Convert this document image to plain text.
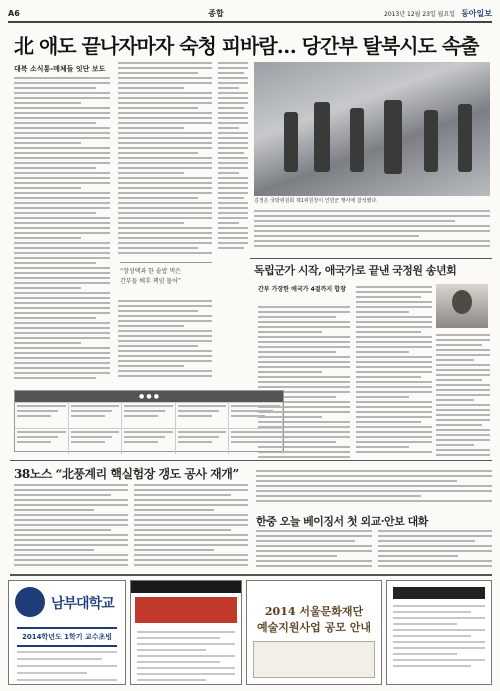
A6	종합	2013년 12월 23일 월요일 동아일보
北 애도 끝나자마자 숙청 피바람… 당간부 탈북시도 속출
대북 소식통-매체들 잇단 보도
“장성택과 한 솥밥 먹은
간부들 배후 책임 물어”
김정은 국방위원회 제1위원장이 인민군 행사에 참석했다.
독립군가 시작, 애국가로 끝낸 국정원 송년회
간부 가장한 애국가 4절까지 합창
● ● ●
38노스 “北풍계리 핵실험장 갱도 공사 재개”
한중 오늘 베이징서 첫 외교·안보 대화
남부대학교
2014학년도 1학기 교수초빙
2014 서울문화재단
예술지원사업 공모 안내
